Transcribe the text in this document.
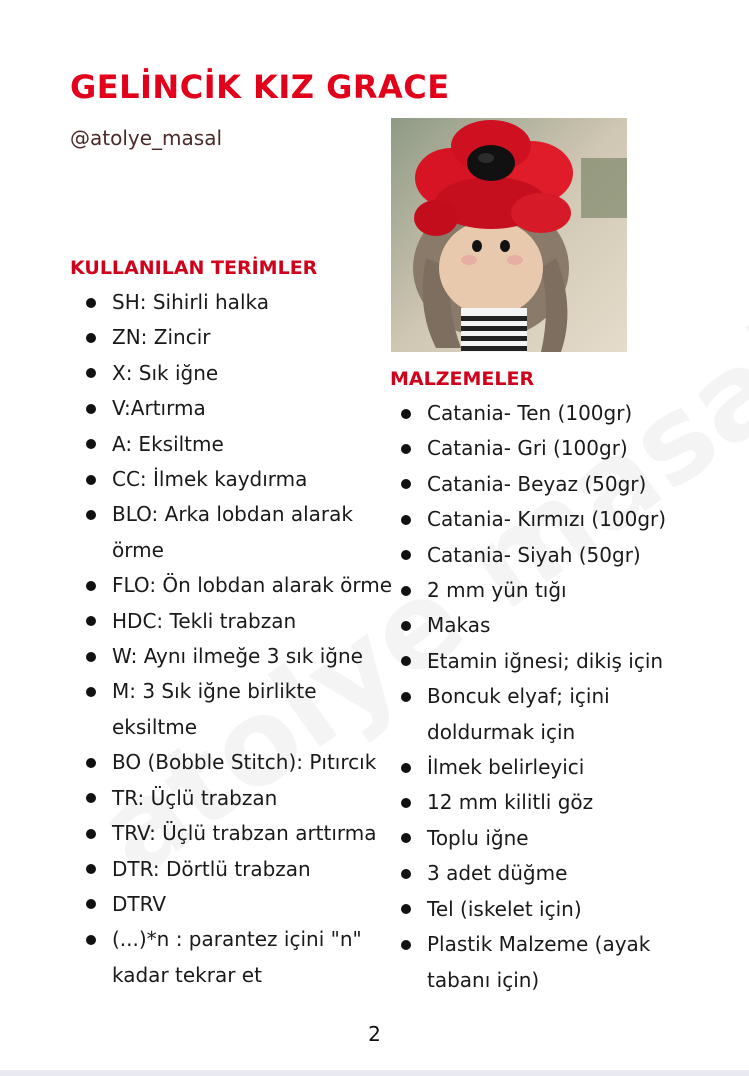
GELİNCİK KIZ GRACE
@atolye_masal
KULLANILAN TERİMLER
SH: Sihirli halka
ZN: Zincir
X: Sık iğne
V:Artırma
A: Eksiltme
CC: İlmek kaydırma
BLO: Arka lobdan alarak örme
FLO: Ön lobdan alarak örme
HDC: Tekli trabzan
W: Aynı ilmeğe 3 sık iğne
M: 3 Sık iğne birlikte eksiltme
BO (Bobble Stitch): Pıtırcık
TR: Üçlü trabzan
TRV: Üçlü trabzan arttırma
DTR: Dörtlü trabzan
DTRV
(...)*n : parantez içini "n" kadar tekrar et
MALZEMELER
Catania- Ten (100gr)
Catania- Gri (100gr)
Catania- Beyaz (50gr)
Catania- Kırmızı (100gr)
Catania- Siyah (50gr)
2 mm yün tığı
Makas
Etamin iğnesi; dikiş için
Boncuk elyaf; içini doldurmak için
İlmek belirleyici
12 mm kilitli göz
Toplu iğne
3 adet düğme
Tel (iskelet için)
Plastik Malzeme (ayak tabanı için)
2
